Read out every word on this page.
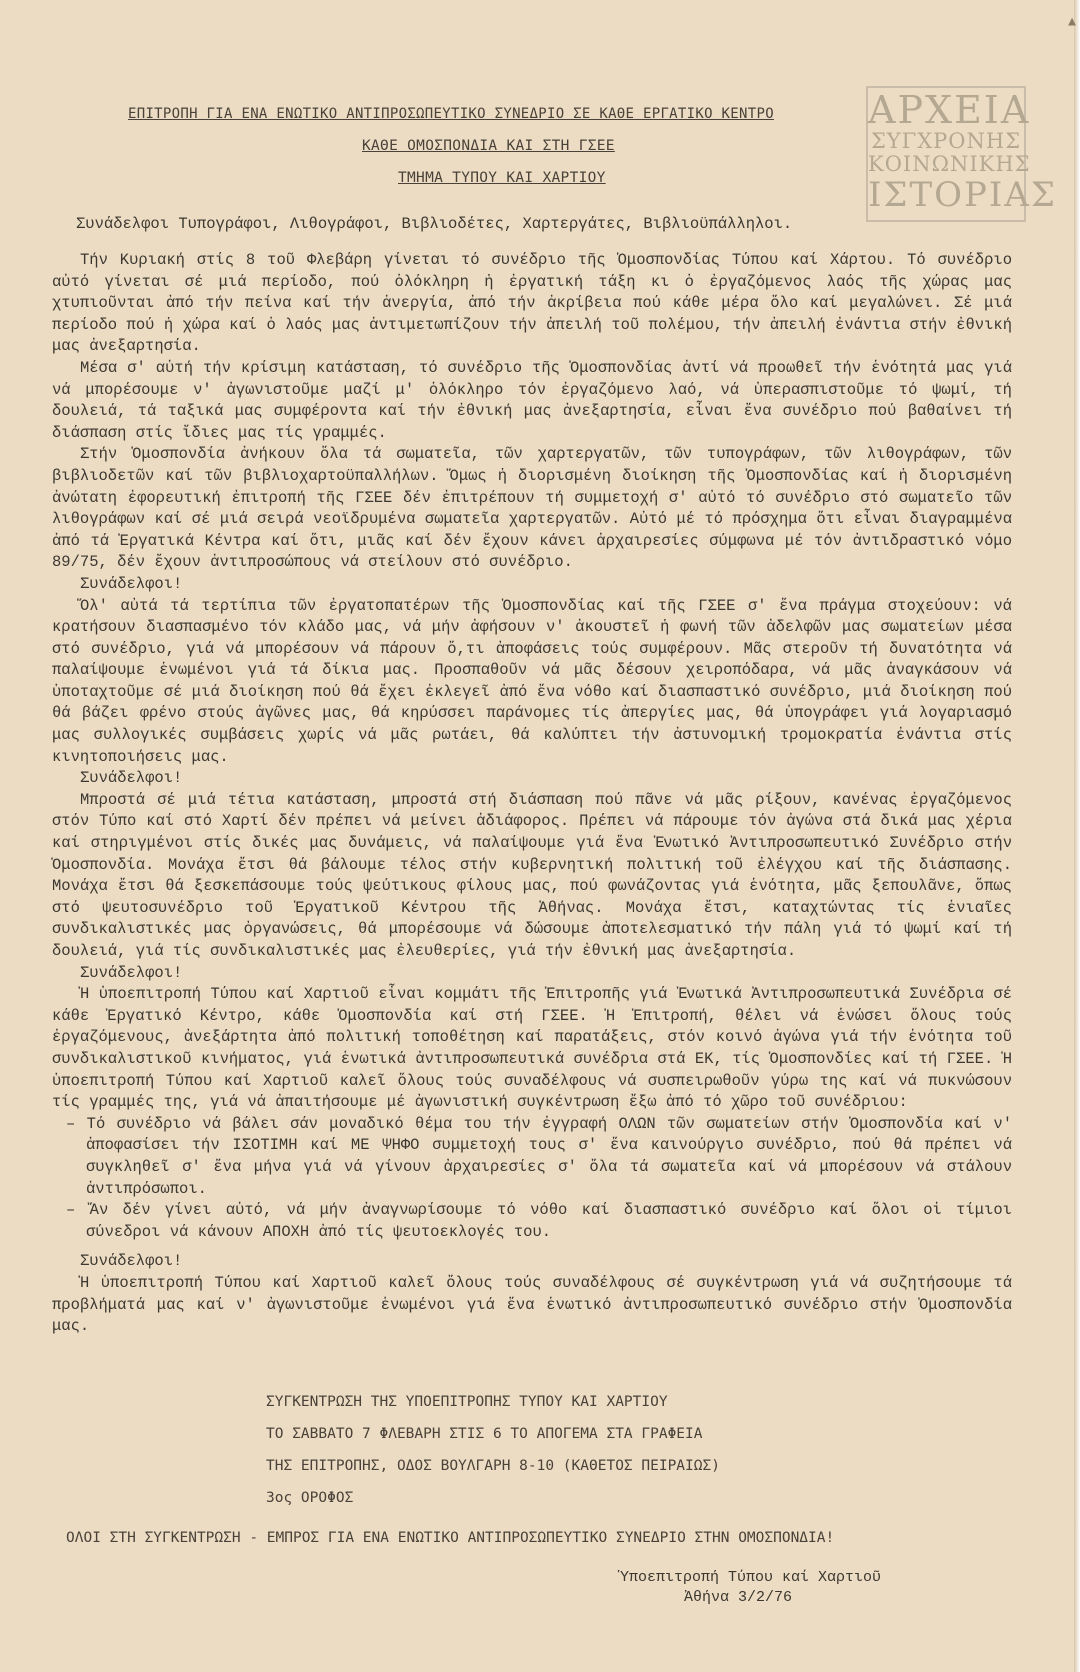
▲
ΑΡΧΕΙΑ
ΣΥΓΧΡΟΝΗΣ
ΚΟΙΝΩΝΙΚΗΣ
ΙΣΤΟΡΙΑΣ
ΕΠΙΤΡΟΠΗ ΓΙΑ ΕΝΑ ΕΝΩΤΙΚΟ ΑΝΤΙΠΡΟΣΩΠΕΥΤΙΚΟ ΣΥΝΕΔΡΙΟ ΣΕ ΚΑΘΕ ΕΡΓΑΤΙΚΟ ΚΕΝΤΡΟ
ΚΑΘΕ ΟΜΟΣΠΟΝΔΙΑ ΚΑΙ ΣΤΗ ΓΣΕΕ
ΤΜΗΜΑ ΤΥΠΟΥ ΚΑΙ ΧΑΡΤΙΟΥ
Συνάδελφοι Τυπογράφοι, Λιθογράφοι, Βιβλιοδέτες, Χαρτεργάτες, Βιβλιοϋπάλληλοι.

Τήν Κυριακή στίς 8 τοῦ Φλεβάρη γίνεται τό συνέδριο τῆς Ὁμοσπονδίας Τύπου καί Χάρτου. Τό συνέδριο αὐτό γίνεται σέ μιά περίοδο, πού ὁλόκληρη ἡ ἐργατική τάξη κι ὁ ἐργαζόμενος λαός τῆς χώρας μας χτυπιοῦνται ἀπό τήν πείνα καί τήν ἀνεργία, ἀπό τήν ἀκρίβεια πού κάθε μέρα ὅλο καί μεγαλώνει. Σέ μιά περίοδο πού ἡ χώρα καί ὁ λαός μας ἀντιμετωπίζουν τήν ἀπειλή τοῦ πολέμου, τήν ἀπειλή ἐνάντια στήν ἐθνική μας ἀνεξαρτησία.

Μέσα σ' αὐτή τήν κρίσιμη κατάσταση, τό συνέδριο τῆς Ὁμοσπονδίας ἀντί νά προωθεῖ τήν ἑνότητά μας γιά νά μπορέσουμε ν' ἀγωνιστοῦμε μαζί μ' ὁλόκληρο τόν ἐργαζόμενο λαό, νά ὑπερασπιστοῦμε τό ψωμί, τή δουλειά, τά ταξικά μας συμφέροντα καί τήν ἐθνική μας ἀνεξαρτησία, εἶναι ἕνα συνέδριο πού βαθαίνει τή διάσπαση στίς ἴδιες μας τίς γραμμές.

Στήν Ὁμοσπονδία ἀνήκουν ὅλα τά σωματεῖα, τῶν χαρτεργατῶν, τῶν τυπογράφων, τῶν λιθογράφων, τῶν βιβλιοδετῶν καί τῶν βιβλιοχαρτοϋπαλλήλων. Ὅμως ἡ διορισμένη διοίκηση τῆς Ὁμοσπονδίας καί ἡ διορισμένη ἀνώτατη ἐφορευτική ἐπιτροπή τῆς ΓΣΕΕ δέν ἐπιτρέπουν τή συμμετοχή σ' αὐτό τό συνέδριο στό σωματεῖο τῶν λιθογράφων καί σέ μιά σειρά νεοϊδρυμένα σωματεῖα χαρτεργατῶν. Αὐτό μέ τό πρόσχημα ὅτι εἶναι διαγραμμένα ἀπό τά Ἐργατικά Κέντρα καί ὅτι, μιᾶς καί δέν ἔχουν κάνει ἀρχαιρεσίες σύμφωνα μέ τόν ἀντιδραστικό νόμο 89/75, δέν ἔχουν ἀντιπροσώπους νά στείλουν στό συνέδριο.

Συνάδελφοι!

Ὅλ' αὐτά τά τερτίπια τῶν ἐργατοπατέρων τῆς Ὁμοσπονδίας καί τῆς ΓΣΕΕ σ' ἕνα πράγμα στοχεύουν: νά κρατήσουν διασπασμένο τόν κλάδο μας, νά μήν ἀφήσουν ν' ἀκουστεῖ ἡ φωνή τῶν ἀδελφῶν μας σωματείων μέσα στό συνέδριο, γιά νά μπορέσουν νά πάρουν ὅ,τι ἀποφάσεις τούς συμφέρουν. Μᾶς στεροῦν τή δυνατότητα νά παλαίψουμε ἑνωμένοι γιά τά δίκια μας. Προσπαθοῦν νά μᾶς δέσουν χειροπόδαρα, νά μᾶς ἀναγκάσουν νά ὑποταχτοῦμε σέ μιά διοίκηση πού θά ἔχει ἐκλεγεῖ ἀπό ἕνα νόθο καί διασπαστικό συνέδριο, μιά διοίκηση πού θά βάζει φρένο στούς ἀγῶνες μας, θά κηρύσσει παράνομες τίς ἀπεργίες μας, θά ὑπογράφει γιά λογαριασμό μας συλλογικές συμβάσεις χωρίς νά μᾶς ρωτάει, θά καλύπτει τήν ἀστυνομική τρομοκρατία ἐνάντια στίς κινητοποιήσεις μας.

Συνάδελφοι!

Μπροστά σέ μιά τέτια κατάσταση, μπροστά στή διάσπαση πού πᾶνε νά μᾶς ρίξουν, κανένας ἐργαζόμενος στόν Τύπο καί στό Χαρτί δέν πρέπει νά μείνει ἀδιάφορος. Πρέπει νά πάρουμε τόν ἀγώνα στά δικά μας χέρια καί στηριγμένοι στίς δικές μας δυνάμεις, νά παλαίψουμε γιά ἕνα Ἑνωτικό Ἀντιπροσωπευτικό Συνέδριο στήν Ὁμοσπονδία. Μονάχα ἔτσι θά βάλουμε τέλος στήν κυβερνητική πολιτική τοῦ ἐλέγχου καί τῆς διάσπασης. Μονάχα ἔτσι θά ξεσκεπάσουμε τούς ψεύτικους φίλους μας, πού φωνάζοντας γιά ἑνότητα, μᾶς ξεπουλᾶνε, ὅπως στό ψευτοσυνέδριο τοῦ Ἐργατικοῦ Κέντρου τῆς Ἀθήνας. Μονάχα ἔτσι, καταχτώντας τίς ἑνιαῖες συνδικαλιστικές μας ὀργανώσεις, θά μπορέσουμε νά δώσουμε ἀποτελεσματικό τήν πάλη γιά τό ψωμί καί τή δουλειά, γιά τίς συνδικαλιστικές μας ἐλευθερίες, γιά τήν ἐθνική μας ἀνεξαρτησία.

Συνάδελφοι!

Ἡ ὑποεπιτροπή Τύπου καί Χαρτιοῦ εἶναι κομμάτι τῆς Ἐπιτροπῆς γιά Ἑνωτικά Ἀντιπροσωπευτικά Συνέδρια σέ κάθε Ἐργατικό Κέντρο, κάθε Ὁμοσπονδία καί στή ΓΣΕΕ. Ἡ Ἐπιτροπή, θέλει νά ἑνώσει ὅλους τούς ἐργαζόμενους, ἀνεξάρτητα ἀπό πολιτική τοποθέτηση καί παρατάξεις, στόν κοινό ἀγώνα γιά τήν ἑνότητα τοῦ συνδικαλιστικοῦ κινήματος, γιά ἑνωτικά ἀντιπροσωπευτικά συνέδρια στά ΕΚ, τίς Ὁμοσπονδίες καί τή ΓΣΕΕ. Ἡ ὑποεπιτροπή Τύπου καί Χαρτιοῦ καλεῖ ὅλους τούς συναδέλφους νά συσπειρωθοῦν γύρω της καί νά πυκνώσουν τίς γραμμές της, γιά νά ἀπαιτήσουμε μέ ἀγωνιστική συγκέντρωση ἔξω ἀπό τό χῶρο τοῦ συνέδριου:

– Τό συνέδριο νά βάλει σάν μοναδικό θέμα του τήν ἐγγραφή ΟΛΩΝ τῶν σωματείων στήν Ὁμοσπονδία καί ν' ἀποφασίσει τήν ΙΣΟΤΙΜΗ καί ΜΕ ΨΗΦΟ συμμετοχή τους σ' ἕνα καινούργιο συνέδριο, πού θά πρέπει νά συγκληθεῖ σ' ἕνα μήνα γιά νά γίνουν ἀρχαιρεσίες σ' ὅλα τά σωματεῖα καί νά μπορέσουν νά στάλουν ἀντιπρόσωποι.

– Ἄν δέν γίνει αὐτό, νά μήν ἀναγνωρίσουμε τό νόθο καί διασπαστικό συνέδριο καί ὅλοι οἱ τίμιοι σύνεδροι νά κάνουν ΑΠΟΧΗ ἀπό τίς ψευτοεκλογές του.

Συνάδελφοι!

Ἡ ὑποεπιτροπή Τύπου καί Χαρτιοῦ καλεῖ ὅλους τούς συναδέλφους σέ συγκέντρωση γιά νά συζητήσουμε τά προβλήματά μας καί ν' ἀγωνιστοῦμε ἑνωμένοι γιά ἕνα ἑνωτικό ἀντιπροσωπευτικό συνέδριο στήν Ὁμοσπονδία μας.

ΣΥΓΚΕΝΤΡΩΣΗ ΤΗΣ ΥΠΟΕΠΙΤΡΟΠΗΣ ΤΥΠΟΥ ΚΑΙ ΧΑΡΤΙΟΥ
ΤΟ ΣΑΒΒΑΤΟ 7 ΦΛΕΒΑΡΗ ΣΤΙΣ 6 ΤΟ ΑΠΟΓΕΜΑ ΣΤΑ ΓΡΑΦΕΙΑ
ΤΗΣ ΕΠΙΤΡΟΠΗΣ, ΟΔΟΣ ΒΟΥΛΓΑΡΗ 8-10 (ΚΑΘΕΤΟΣ ΠΕΙΡΑΙΩΣ)
3ος ΟΡΟΦΟΣ
ΟΛΟΙ ΣΤΗ ΣΥΓΚΕΝΤΡΩΣΗ - ΕΜΠΡΟΣ ΓΙΑ ΕΝΑ ΕΝΩΤΙΚΟ ΑΝΤΙΠΡΟΣΩΠΕΥΤΙΚΟ ΣΥΝΕΔΡΙΟ ΣΤΗΝ ΟΜΟΣΠΟΝΔΙΑ!
Ὑποεπιτροπή Τύπου καί Χαρτιοῦ
Ἀθήνα 3/2/76
